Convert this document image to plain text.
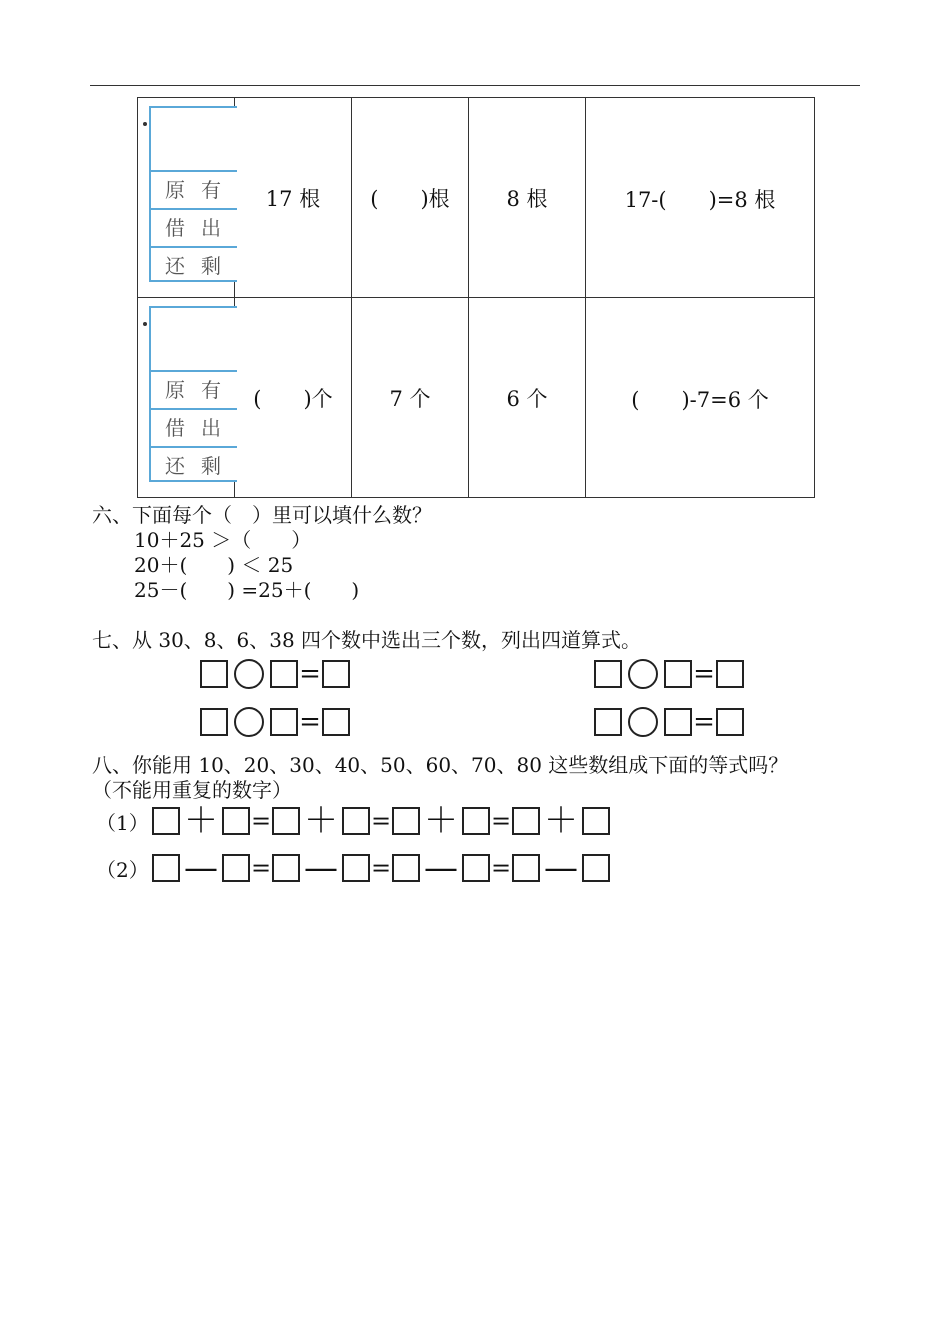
原有
借出
还剩	17 根	(　　)根	8 根	17-(　　)=8 根

原有
借出
还剩	(　　)个	7 个	6 个	(　　)-7=6 个
六、下面每个（　）里可以填什么数？
10＋25 ＞（　　）
20＋(　　) ＜ 25
25－(　　) =25＋(　　)
七、从 30、8、6、38 四个数中选出三个数，列出四道算式。
=	=
=	=
八、你能用 10、20、30、40、50、60、70、80 这些数组成下面的等式吗？
（不能用重复的数字）
（1） ＋ = ＋ = ＋ = ＋
（2） — = — = — = —
